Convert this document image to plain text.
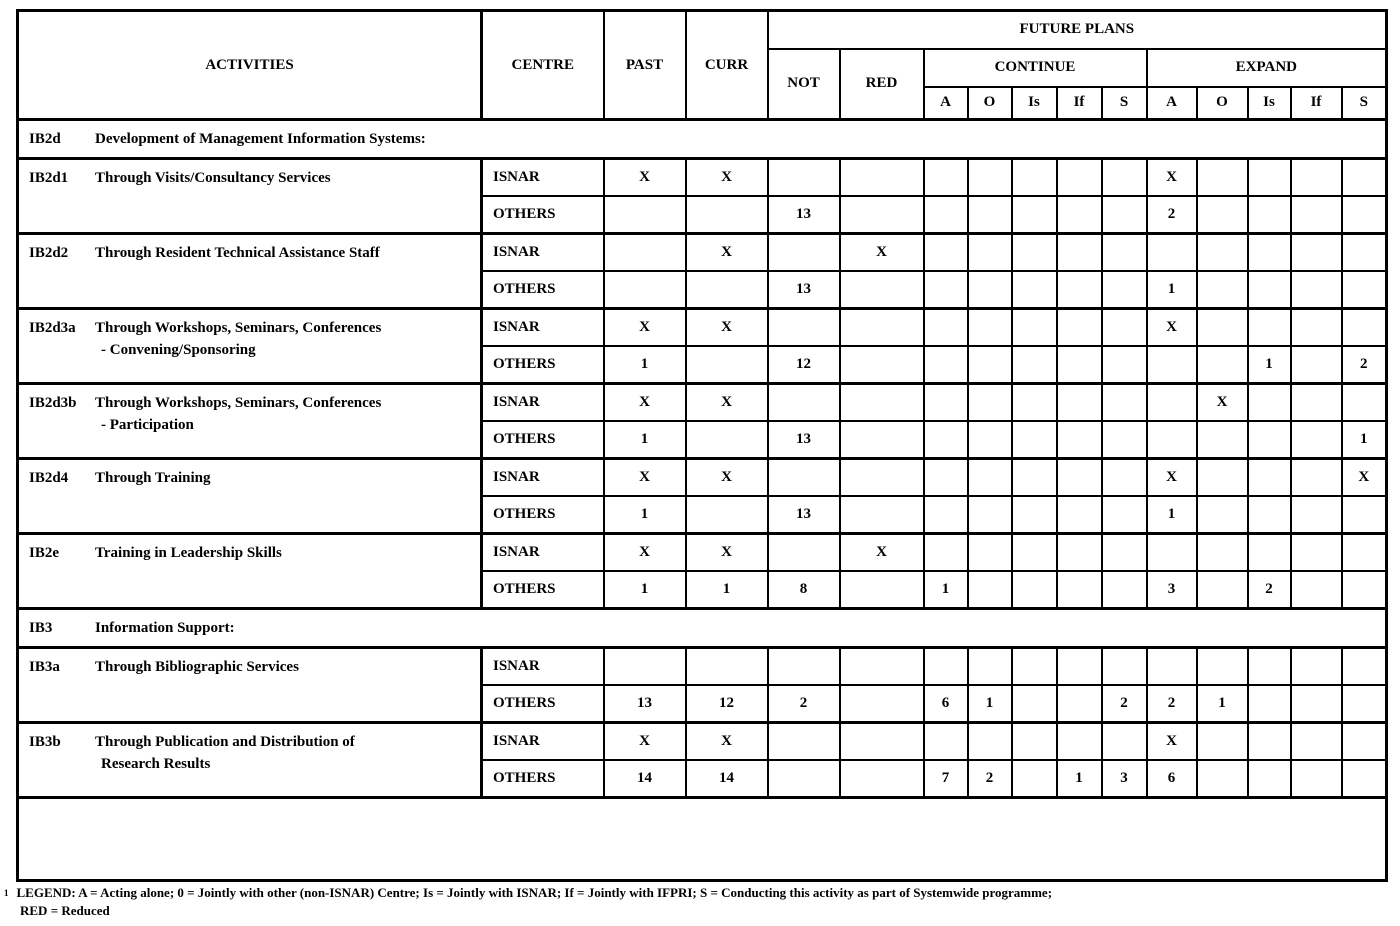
ACTIVITIES	CENTRE	PAST	CURR	FUTURE PLANS											
				NOT	RED	CONTINUE					EXPAND				
						A	O	Is	If	S	A	O	Is	If	S
IB2d Development of Management Information Systems:															
IB2d1 Through Visits/Consultancy Services	ISNAR	X	X								X				
	OTHERS			13							2				
IB2d2 Through Resident Technical Assistance Staff	ISNAR		X		X										
	OTHERS			13							1				
IB2d3a Through Workshops, Seminars, Conferences
- Convening/Sponsoring	ISNAR	X	X								X				
	OTHERS	1		12									1		2
IB2d3b Through Workshops, Seminars, Conferences
- Participation	ISNAR	X	X									X			
	OTHERS	1		13											1
IB2d4 Through Training	ISNAR	X	X								X				X
	OTHERS	1		13							1				
IB2e Training in Leadership Skills	ISNAR	X	X		X										
	OTHERS	1	1	8		1					3		2		
IB3 Information Support:															
IB3a Through Bibliographic Services	ISNAR														
	OTHERS	13	12	2		6	1			2	2	1			
IB3b Through Publication and Distribution of
Research Results	ISNAR	X	X								X				
	OTHERS	14	14			7	2		1	3	6				

$^1$ LEGEND: A = Acting alone; 0 = Jointly with other (non-ISNAR) Centre; Is = Jointly with ISNAR; If = Jointly with IFPRI; S = Conducting this activity as part of Systemwide programme;
RED = Reduced
